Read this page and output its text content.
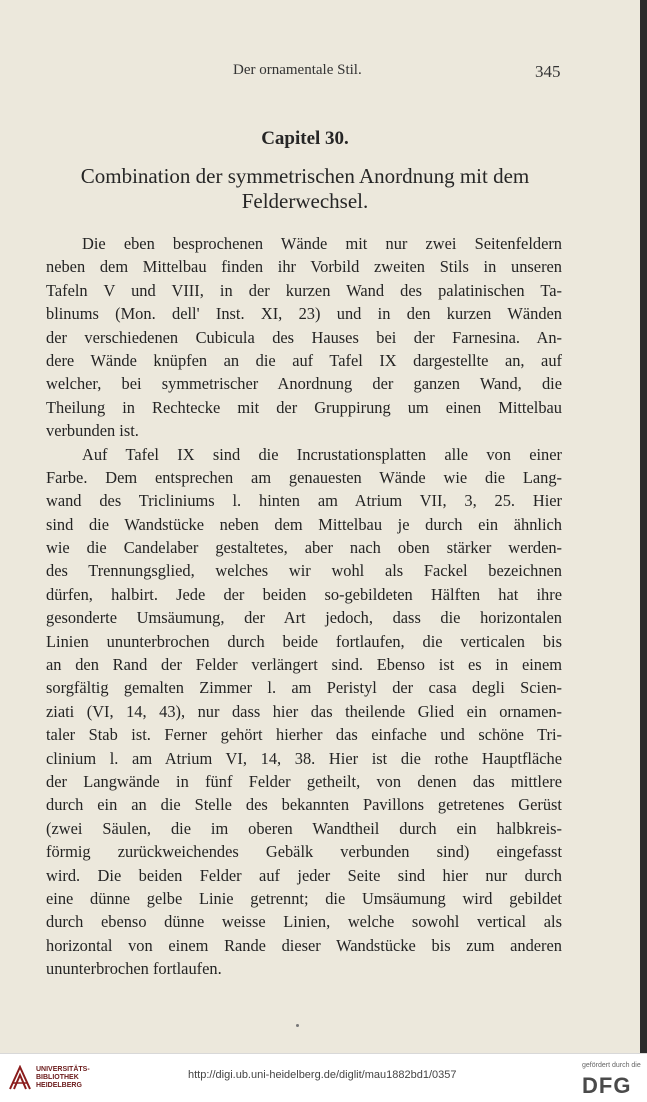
Der ornamentale Stil.	345
Capitel 30.
Combination der symmetrischen Anordnung mit dem
Felderwechsel.
Die eben besprochenen Wände mit nur zwei Seitenfeldern
neben dem Mittelbau finden ihr Vorbild zweiten Stils in unseren
Tafeln V und VIII, in der kurzen Wand des palatinischen Ta-
blinums (Mon. dell' Inst. XI, 23) und in den kurzen Wänden
der verschiedenen Cubicula des Hauses bei der Farnesina. An-
dere Wände knüpfen an die auf Tafel IX dargestellte an, auf
welcher, bei symmetrischer Anordnung der ganzen Wand, die
Theilung in Rechtecke mit der Gruppirung um einen Mittelbau
verbunden ist.
Auf Tafel IX sind die Incrustationsplatten alle von einer
Farbe. Dem entsprechen am genauesten Wände wie die Lang-
wand des Tricliniums l. hinten am Atrium VII, 3, 25. Hier
sind die Wandstücke neben dem Mittelbau je durch ein ähnlich
wie die Candelaber gestaltetes, aber nach oben stärker werden-
des Trennungsglied, welches wir wohl als Fackel bezeichnen
dürfen, halbirt. Jede der beiden so-gebildeten Hälften hat ihre
gesonderte Umsäumung, der Art jedoch, dass die horizontalen
Linien ununterbrochen durch beide fortlaufen, die verticalen bis
an den Rand der Felder verlängert sind. Ebenso ist es in einem
sorgfältig gemalten Zimmer l. am Peristyl der casa degli Scien-
ziati (VI, 14, 43), nur dass hier das theilende Glied ein ornamen-
taler Stab ist. Ferner gehört hierher das einfache und schöne Tri-
clinium l. am Atrium VI, 14, 38. Hier ist die rothe Hauptfläche
der Langwände in fünf Felder getheilt, von denen das mittlere
durch ein an die Stelle des bekannten Pavillons getretenes Gerüst
(zwei Säulen, die im oberen Wandtheil durch ein halbkreis-
förmig zurückweichendes Gebälk verbunden sind) eingefasst
wird. Die beiden Felder auf jeder Seite sind hier nur durch
eine dünne gelbe Linie getrennt; die Umsäumung wird gebildet
durch ebenso dünne weisse Linien, welche sowohl vertical als
horizontal von einem Rande dieser Wandstücke bis zum anderen
ununterbrochen fortlaufen.
UNIVERSITÄTS-
BIBLIOTHEK
HEIDELBERG
http://digi.ub.uni-heidelberg.de/diglit/mau1882bd1/0357
gefördert durch die
DFG
